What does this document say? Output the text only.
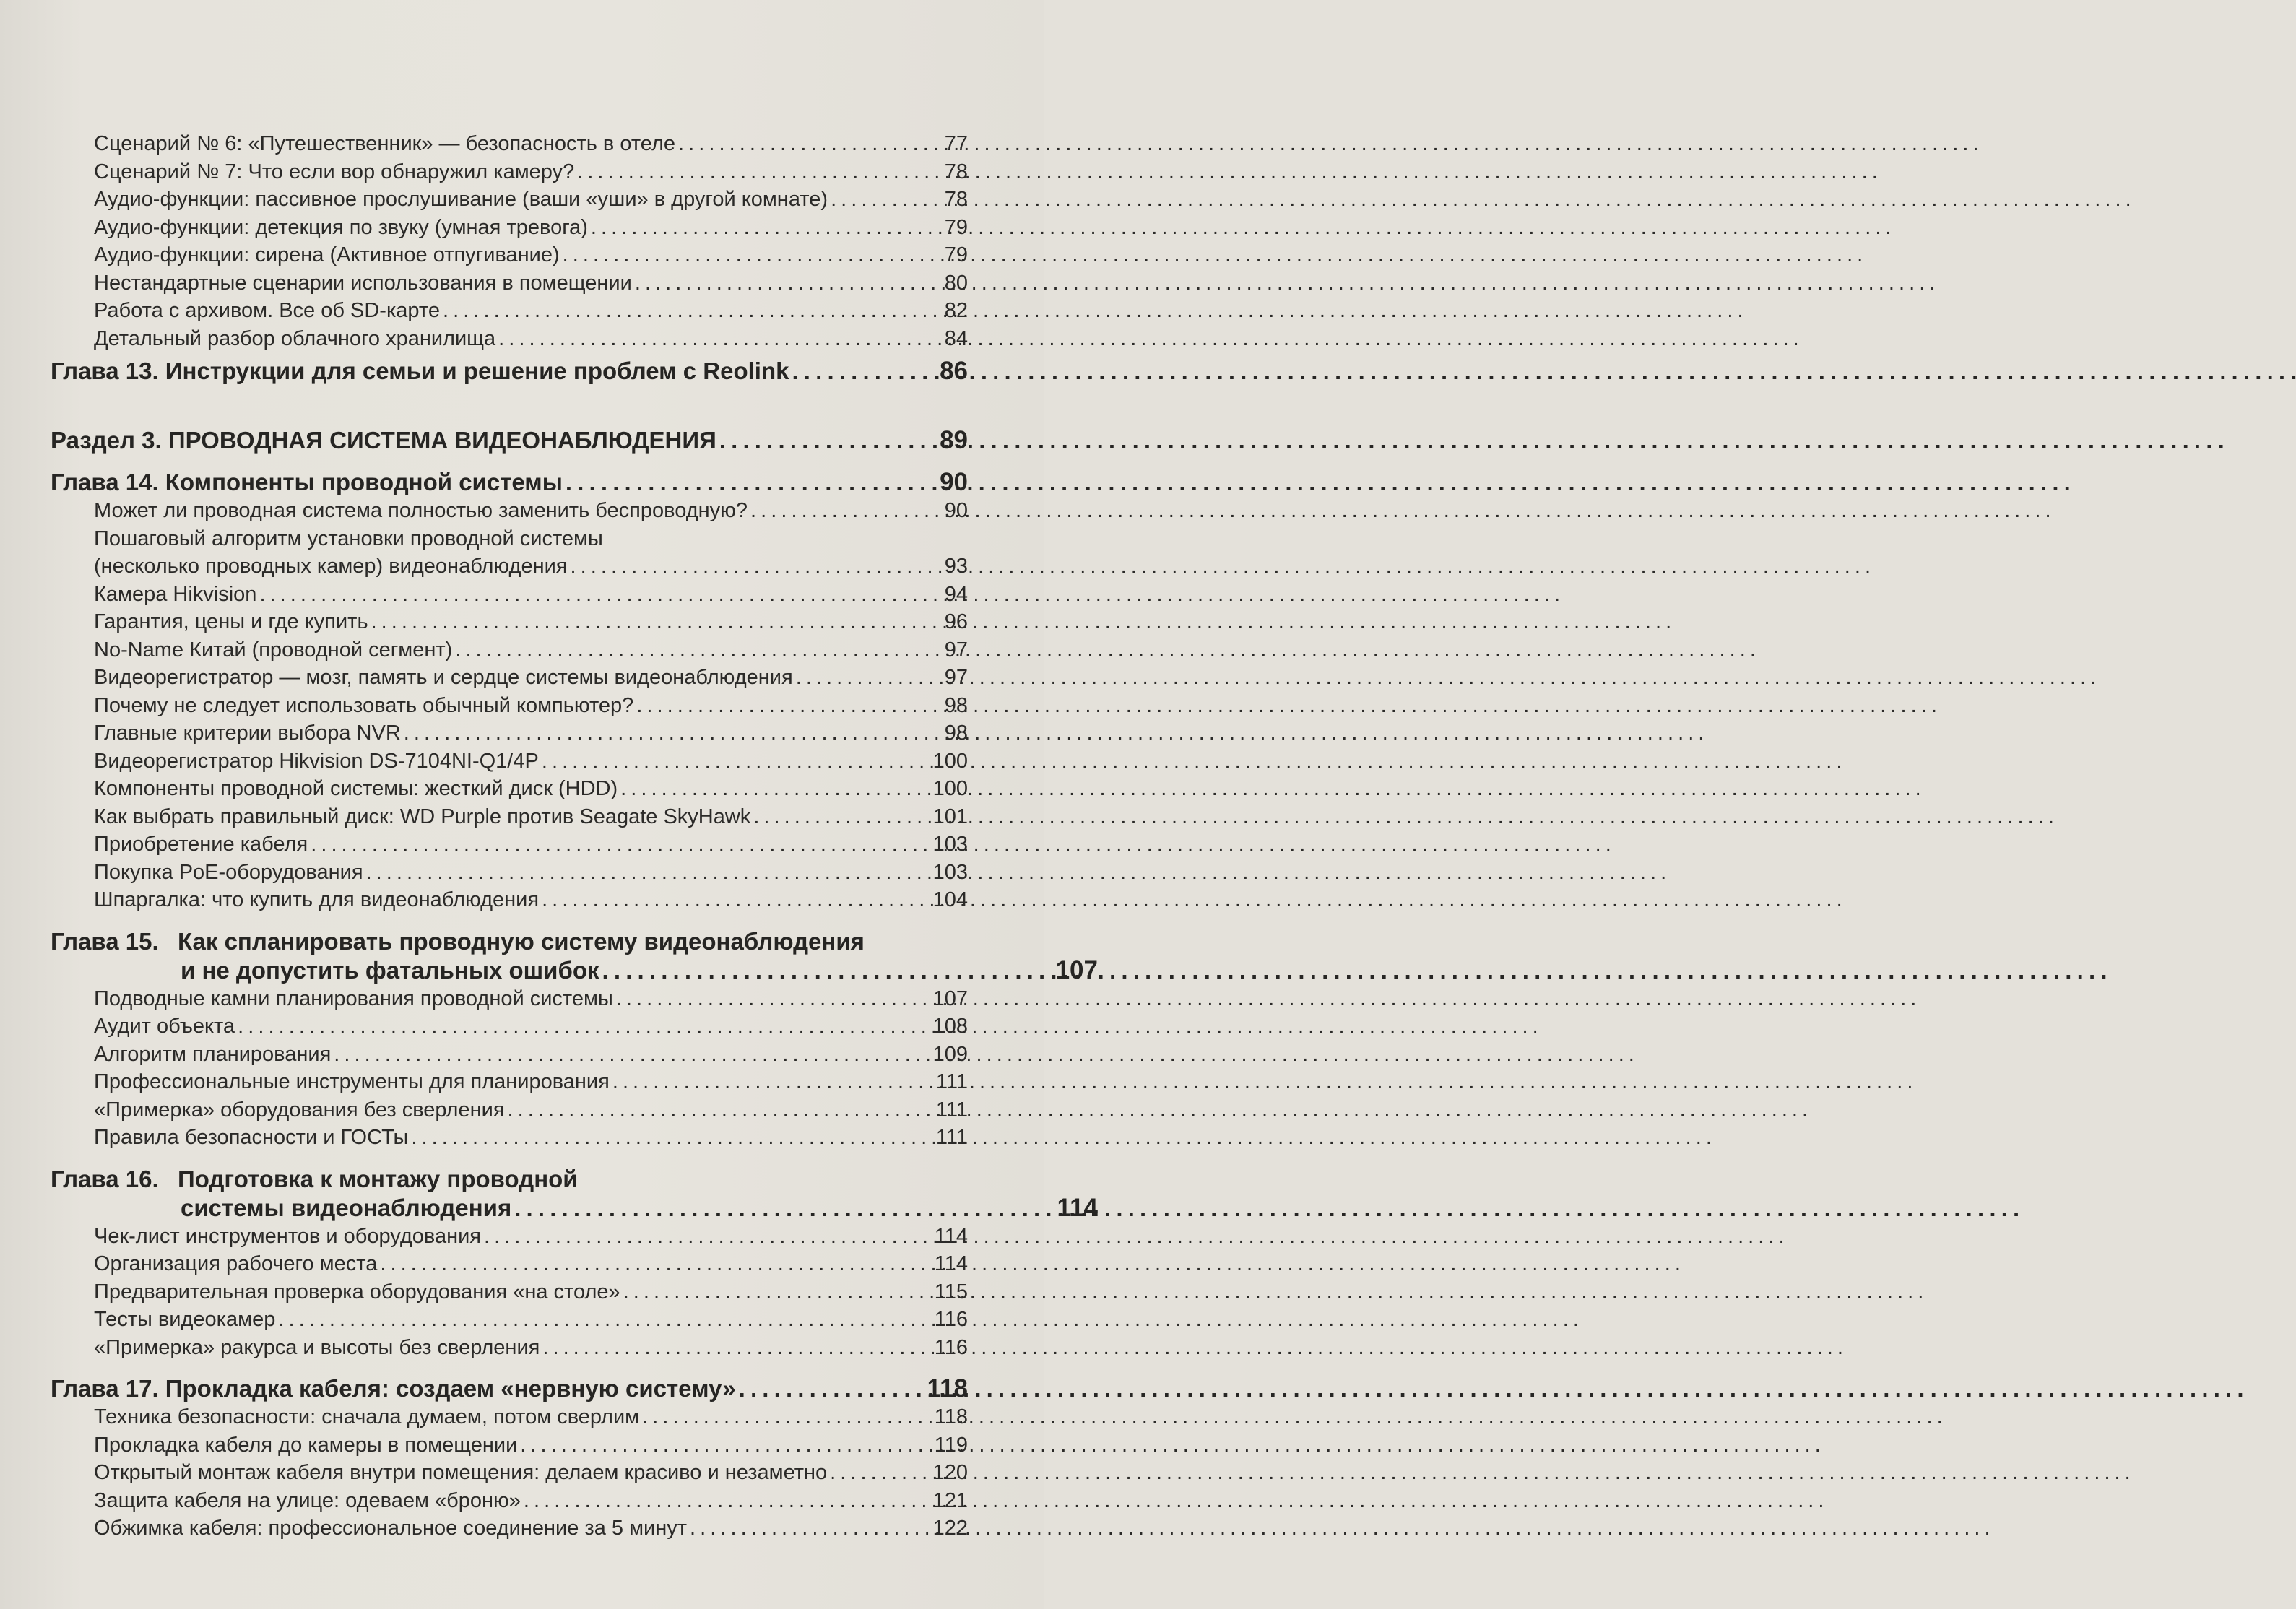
Сценарий № 6: «Путешественник» — безопасность в отеле . . .	77
Сценарий № 7: Что если вор обнаружил камеру? . . .	78
Аудио-функции: пассивное прослушивание (ваши «уши» в другой комнате) . . .	78
Аудио-функции: детекция по звуку (умная тревога) . . .	79
Аудио-функции: сирена (Активное отпугивание) . . .	79
Нестандартные сценарии использования в помещении . . .	80
Работа с архивом. Все об SD-карте . . .	82
Детальный разбор облачного хранилища . . .	84
Глава 13. Инструкции для семьи и решение проблем с Reolink . . .	86
Раздел 3. ПРОВОДНАЯ СИСТЕМА ВИДЕОНАБЛЮДЕНИЯ . . .	89
Глава 14. Компоненты проводной системы . . .	90
Может ли проводная система полностью заменить беспроводную? . . .	90
Пошаговый алгоритм установки проводной системы
(несколько проводных камер) видеонаблюдения . . .	93
Камера Hikvision . . .	94
Гарантия, цены и где купить . . .	96
No-Name Китай (проводной сегмент) . . .	97
Видеорегистратор — мозг, память и сердце системы видеонаблюдения . . .	97
Почему не следует использовать обычный компьютер? . . .	98
Главные критерии выбора NVR . . .	98
Видеорегистратор Hikvision DS-7104NI-Q1/4P . . .	100
Компоненты проводной системы: жесткий диск (HDD) . . .	100
Как выбрать правильный диск: WD Purple против Seagate SkyHawk . . .	101
Приобретение кабеля . . .	103
Покупка PoE-оборудования . . .	103
Шпаргалка: что купить для видеонаблюдения . . .	104
Глава 15. Как спланировать проводную систему видеонаблюдения
и не допустить фатальных ошибок . . .	107
Подводные камни планирования проводной системы . . .	107
Аудит объекта . . .	108
Алгоритм планирования . . .	109
Профессиональные инструменты для планирования . . .	111
«Примерка» оборудования без сверления . . .	111
Правила безопасности и ГОСТы . . .	111
Глава 16. Подготовка к монтажу проводной
системы видеонаблюдения . . .	114
Чек-лист инструментов и оборудования . . .	114
Организация рабочего места . . .	114
Предварительная проверка оборудования «на столе» . . .	115
Тесты видеокамер . . .	116
«Примерка» ракурса и высоты без сверления . . .	116
Глава 17. Прокладка кабеля: создаем «нервную систему» . . .	118
Техника безопасности: сначала думаем, потом сверлим . . .	118
Прокладка кабеля до камеры в помещении . . .	119
Открытый монтаж кабеля внутри помещения: делаем красиво и незаметно . . .	120
Защита кабеля на улице: одеваем «броню» . . .	121
Обжимка кабеля: профессиональное соединение за 5 минут . . .	122
